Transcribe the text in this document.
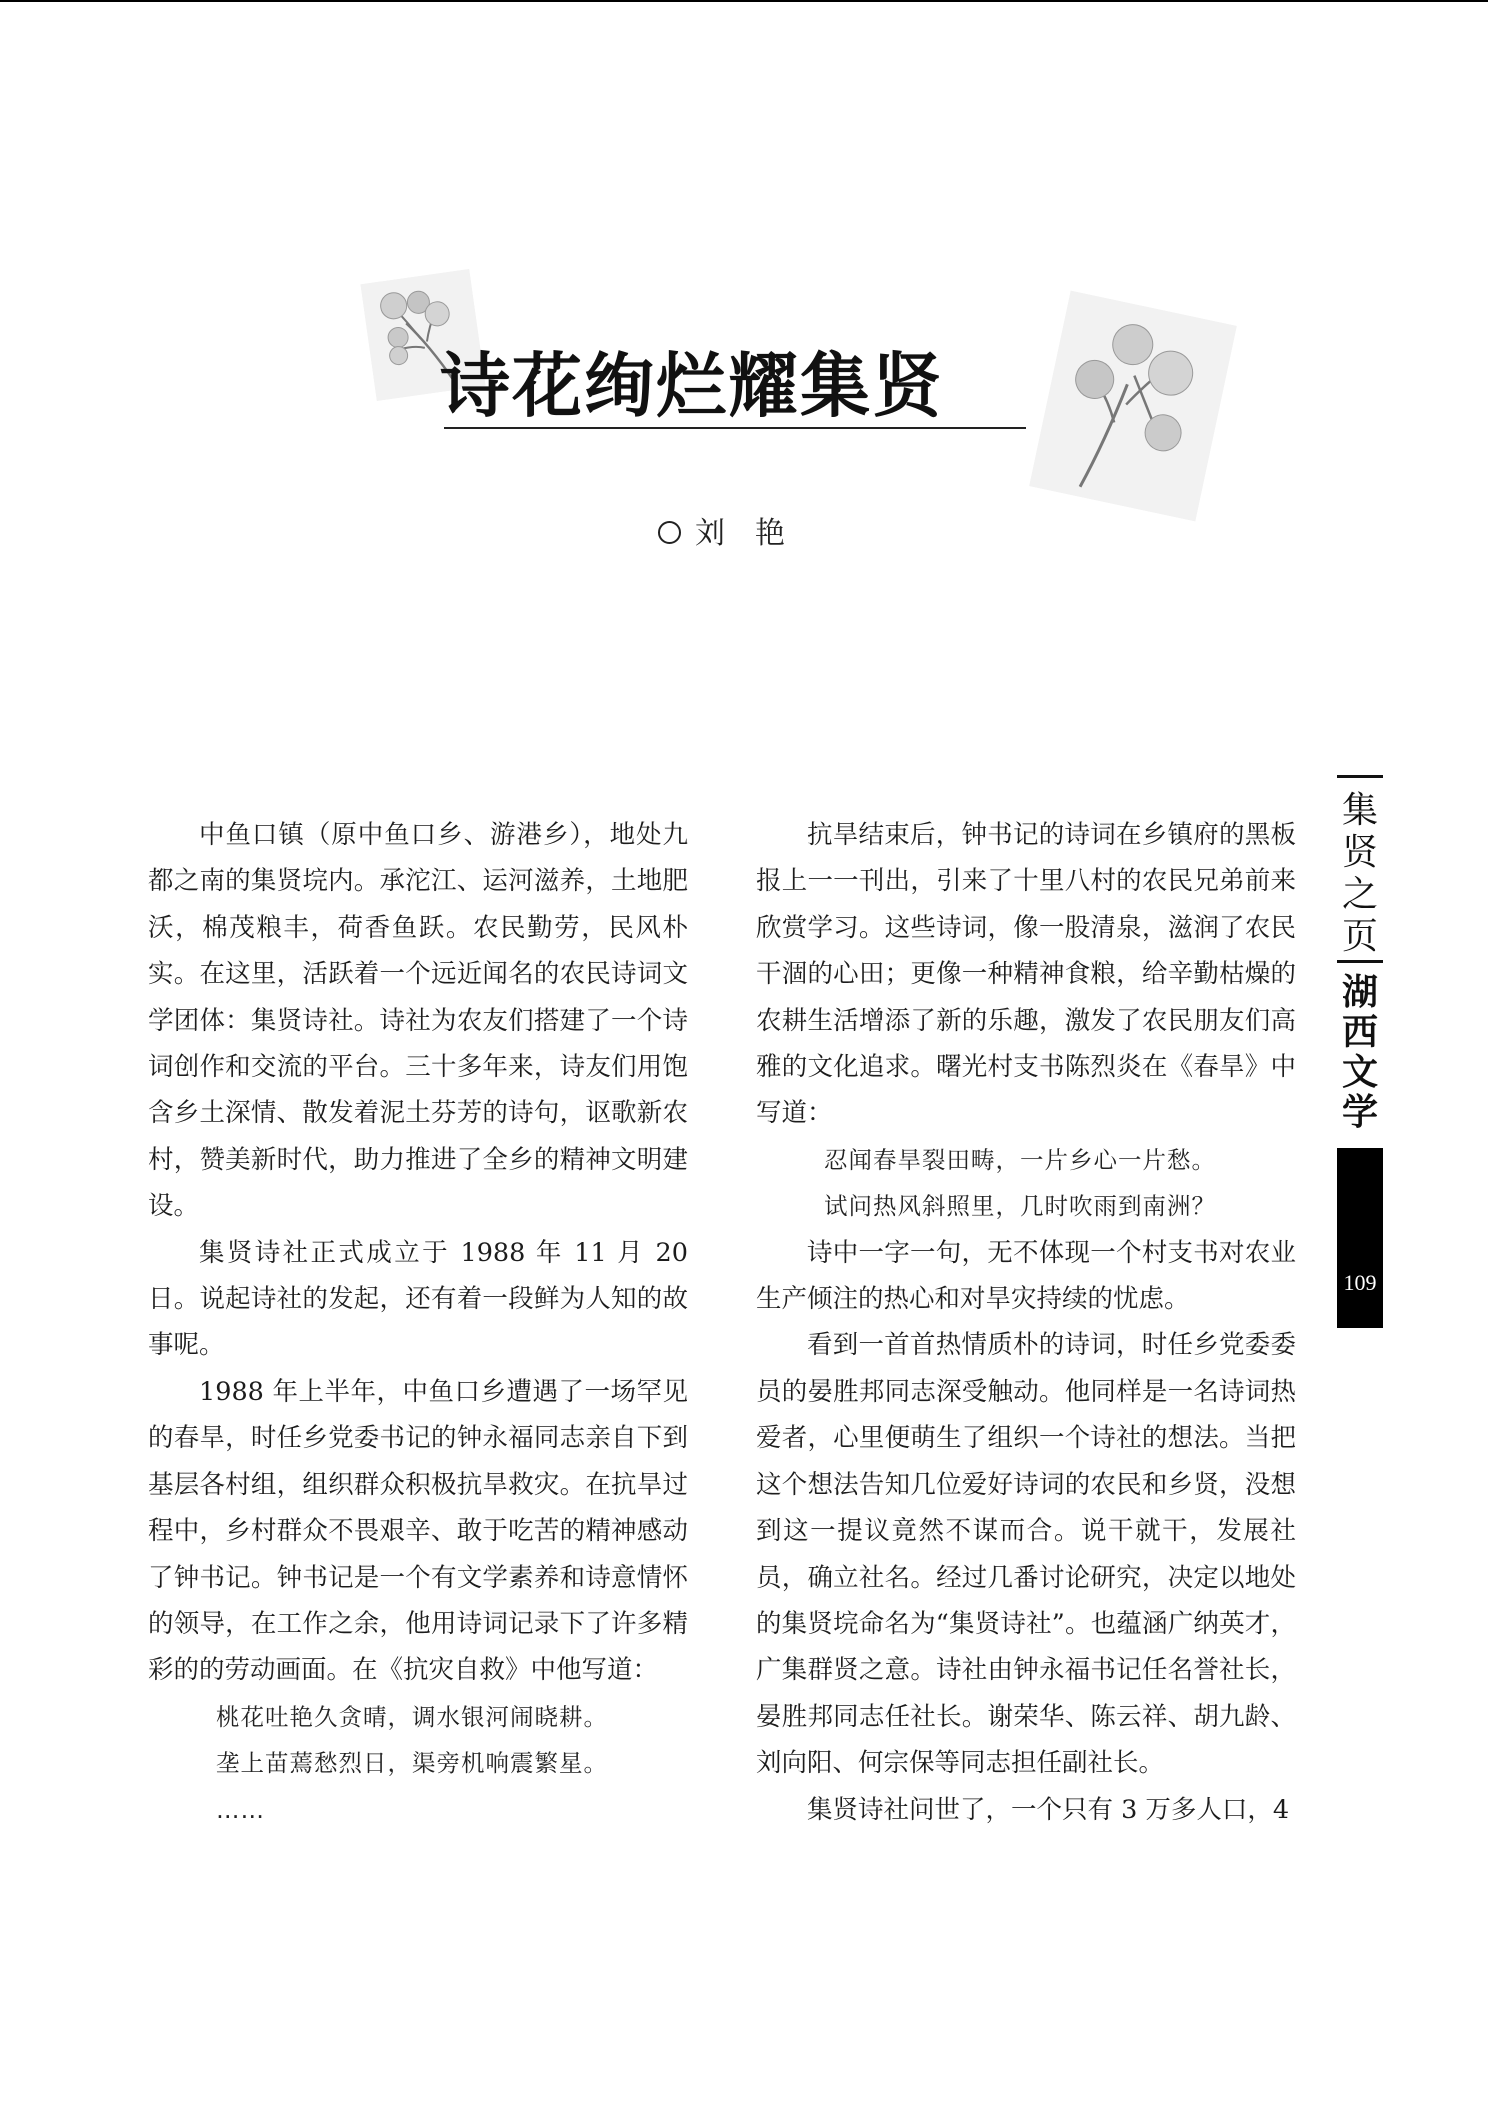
诗花绚烂耀集贤
刘　艳

中鱼口镇（原中鱼口乡、游港乡），地处九都之南的集贤垸内。承沱江、运河滋养，土地肥沃，棉茂粮丰，荷香鱼跃。农民勤劳，民风朴实。在这里，活跃着一个远近闻名的农民诗词文学团体：集贤诗社。诗社为农友们搭建了一个诗词创作和交流的平台。三十多年来，诗友们用饱含乡土深情、散发着泥土芬芳的诗句，讴歌新农村，赞美新时代，助力推进了全乡的精神文明建设。

集贤诗社正式成立于 1988 年 11 月 20 日。说起诗社的发起，还有着一段鲜为人知的故事呢。

1988 年上半年，中鱼口乡遭遇了一场罕见的春旱，时任乡党委书记的钟永福同志亲自下到基层各村组，组织群众积极抗旱救灾。在抗旱过程中，乡村群众不畏艰辛、敢于吃苦的精神感动了钟书记。钟书记是一个有文学素养和诗意情怀的领导，在工作之余，他用诗词记录下了许多精彩的的劳动画面。在《抗灾自救》中他写道：

桃花吐艳久贪晴，调水银河闹晓耕。

垄上苗蔫愁烈日，渠旁机响震繁星。

……

抗旱结束后，钟书记的诗词在乡镇府的黑板报上一一刊出，引来了十里八村的农民兄弟前来欣赏学习。这些诗词，像一股清泉，滋润了农民干涸的心田；更像一种精神食粮，给辛勤枯燥的农耕生活增添了新的乐趣，激发了农民朋友们高雅的文化追求。曙光村支书陈烈炎在《春旱》中写道：

忍闻春旱裂田畴，一片乡心一片愁。

试问热风斜照里，几时吹雨到南洲？

诗中一字一句，无不体现一个村支书对农业生产倾注的热心和对旱灾持续的忧虑。

看到一首首热情质朴的诗词，时任乡党委委员的晏胜邦同志深受触动。他同样是一名诗词热爱者，心里便萌生了组织一个诗社的想法。当把这个想法告知几位爱好诗词的农民和乡贤，没想到这一提议竟然不谋而合。说干就干，发展社员，确立社名。经过几番讨论研究，决定以地处的集贤垸命名为“集贤诗社”。也蕴涵广纳英才，广集群贤之意。诗社由钟永福书记任名誉社长，晏胜邦同志任社长。谢荣华、陈云祥、胡九龄、刘向阳、何宗保等同志担任副社长。

集贤诗社问世了，一个只有 3 万多人口，4

集
贤
之
页
湖
西
文
学
109
